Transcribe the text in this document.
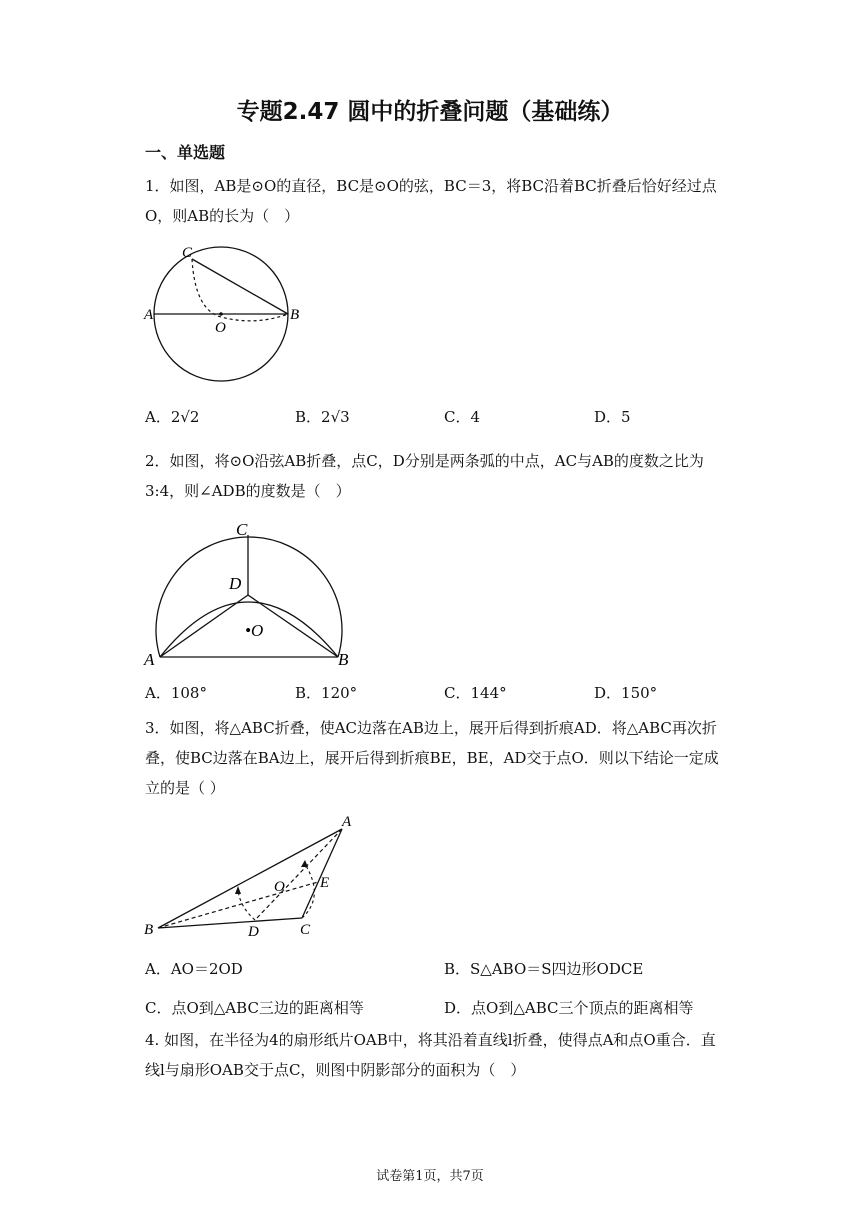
专题2.47 圆中的折叠问题（基础练）
一、单选题
1．如图，AB是⊙O的直径，BC是⊙O的弦，BC＝3，将BC沿着BC折叠后恰好经过点O，则AB的长为（　）
C
A
O
B
A．2√2	B．2√3	C．4	D．5
2．如图，将⊙O沿弦AB折叠，点C，D分别是两条弧的中点，AC与AB的度数之比为3:4，则∠ADB的度数是（　）
C
D
•O
A	B
A．108°	B．120°	C．144°	D．150°
3．如图，将△ABC折叠，使AC边落在AB边上，展开后得到折痕AD．将△ABC再次折叠，使BC边落在BA边上，展开后得到折痕BE，BE，AD交于点O．则以下结论一定成立的是（ ）
A
O E
B	D	C
A．AO＝2OD	B．S△ABO＝S四边形ODCE
C．点O到△ABC三边的距离相等	D．点O到△ABC三个顶点的距离相等
4. 如图，在半径为4的扇形纸片OAB中，将其沿着直线l折叠，使得点A和点O重合．直线l与扇形OAB交于点C，则图中阴影部分的面积为（　）
试卷第1页，共7页
